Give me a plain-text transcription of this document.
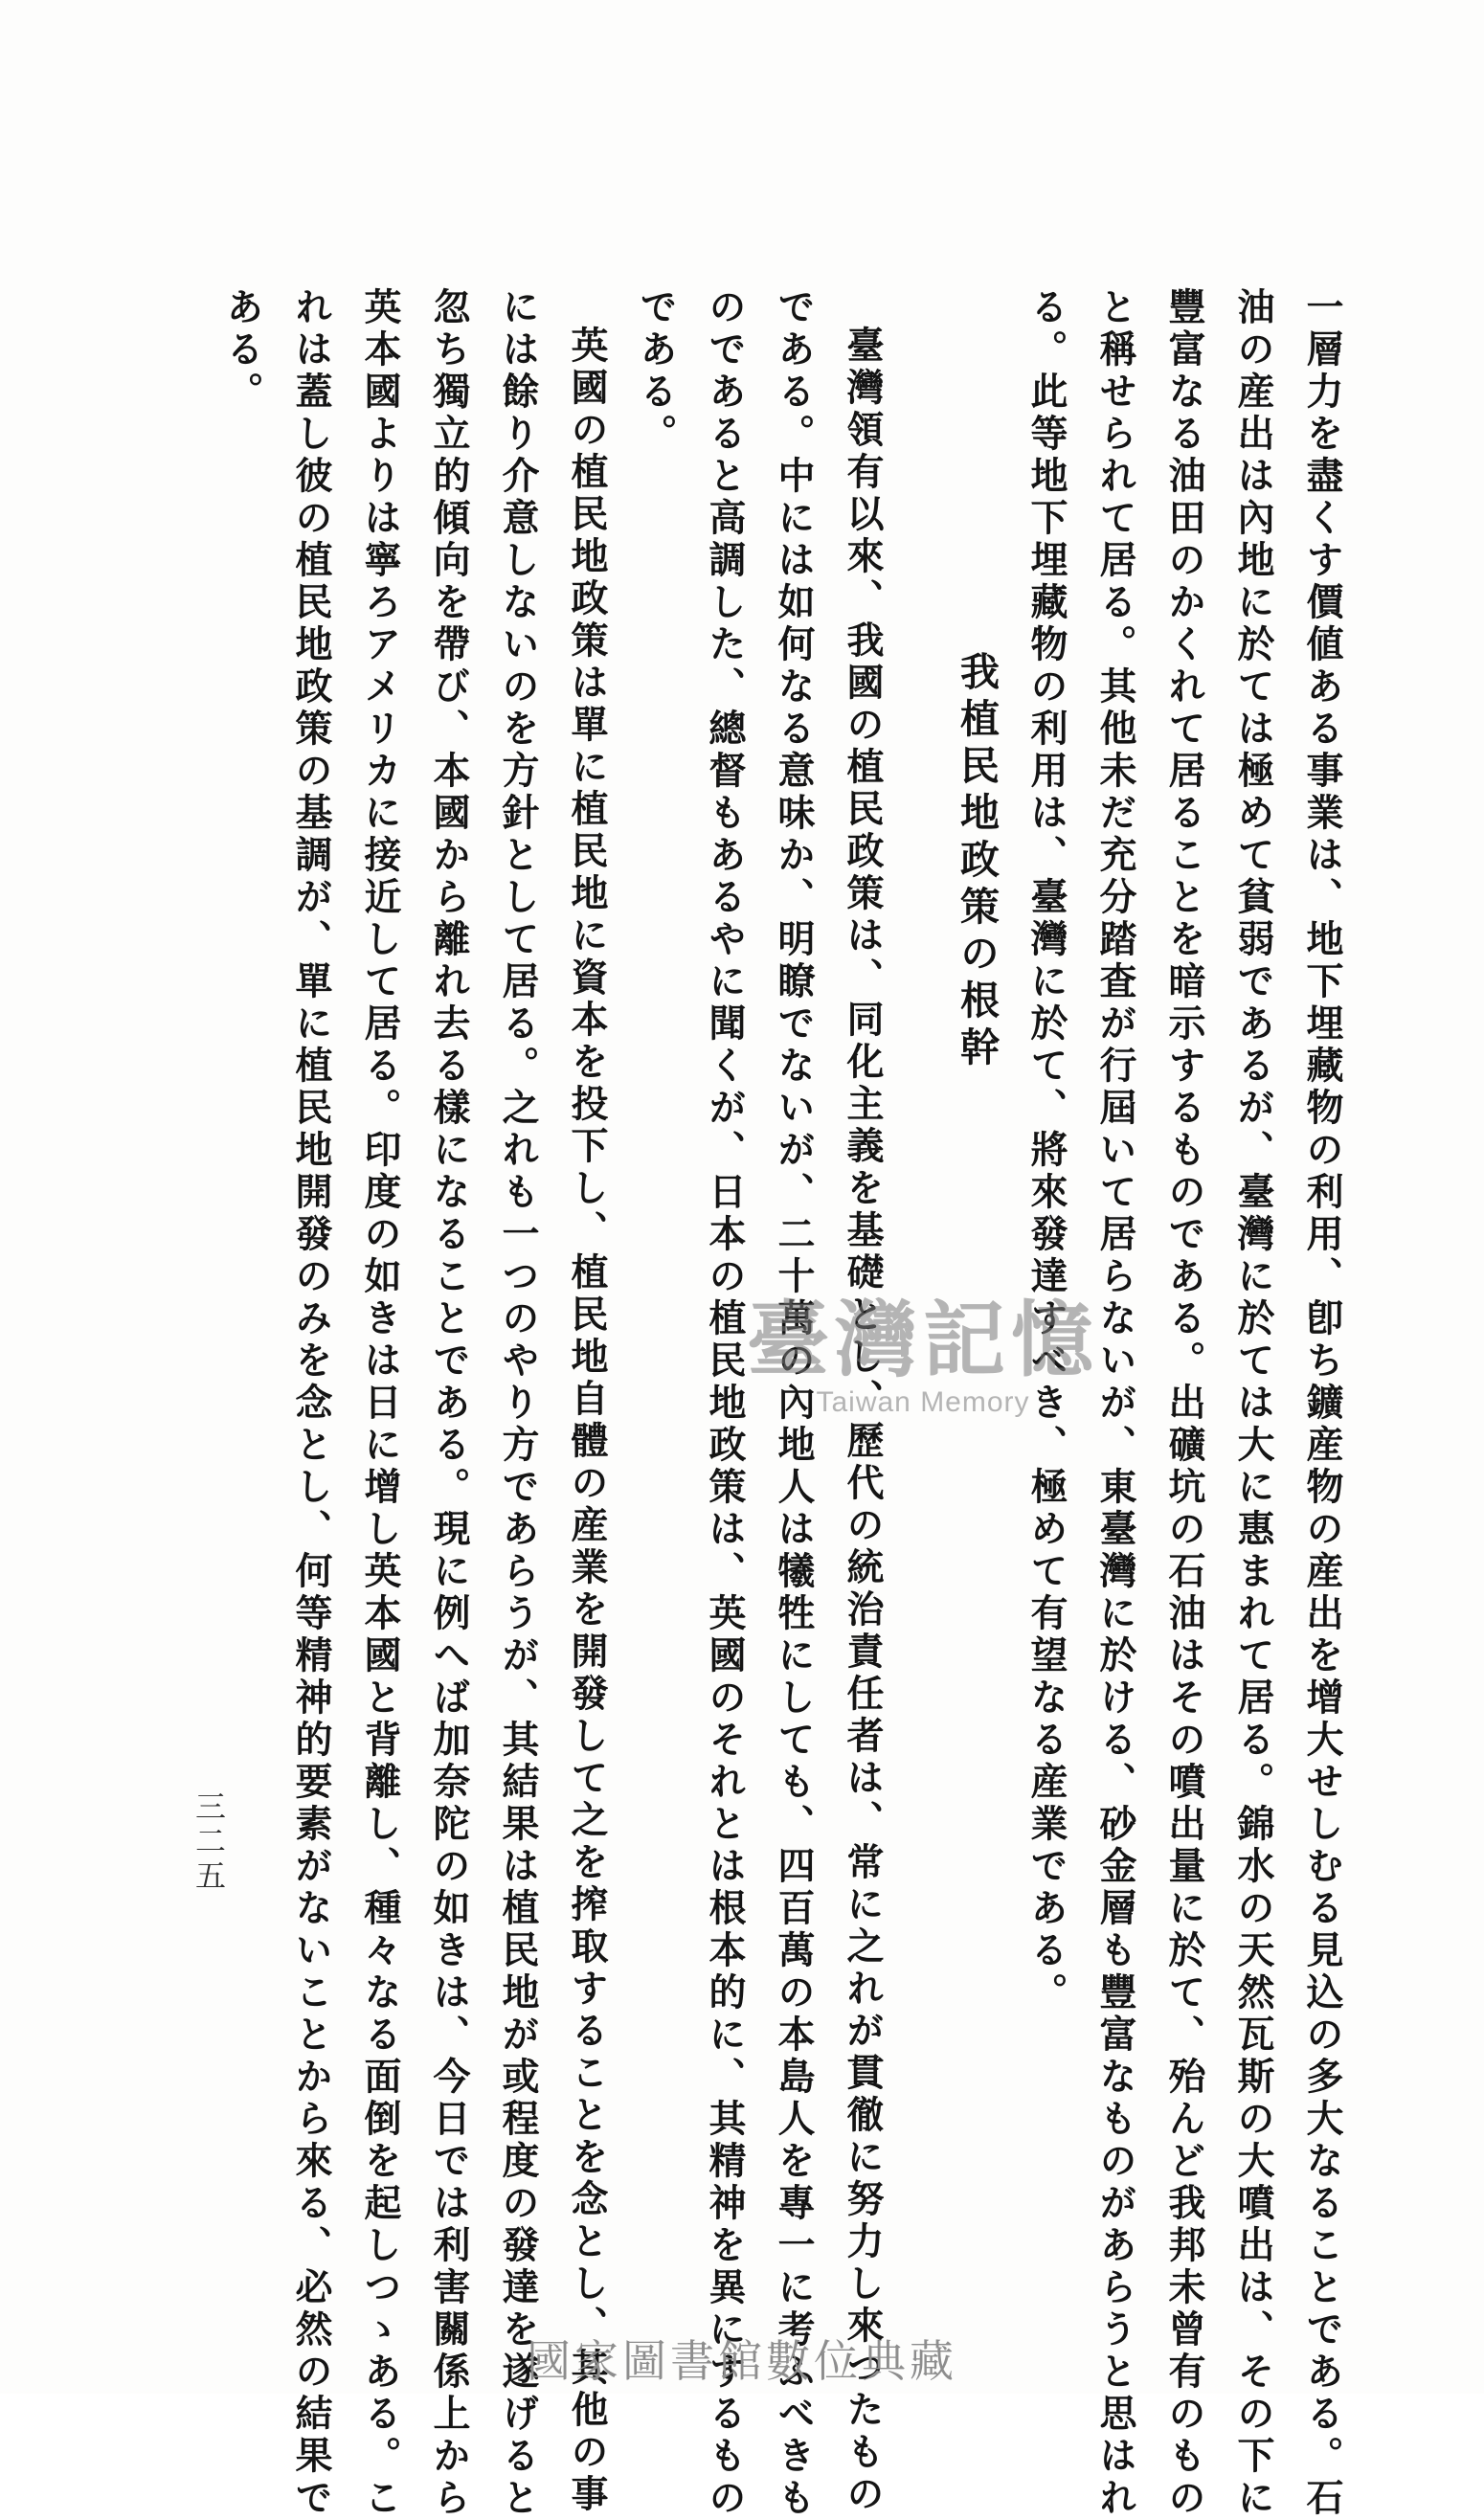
一層力を盡くす價値ある事業は、地下埋藏物の利用、卽ち鑛産物の産出を增大せしむる見込の多大なることである。石
油の産出は內地に於ては極めて貧弱であるが、臺灣に於ては大に惠まれて居る。錦水の天然瓦斯の大噴出は、その下に
豐富なる油田のかくれて居ることを暗示するものである。出礦坑の石油はその噴出量に於て、殆んど我邦未曾有のもの
と稱せられて居る。其他未だ充分踏査が行屆いて居らないが、東臺灣に於ける、砂金層も豐富なものがあらうと思はれ
る。此等地下埋藏物の利用は、臺灣に於て、將來發達すべき、極めて有望なる産業である。
我植民地政策の根幹
臺灣領有以來、我國の植民政策は、同化主義を基礎とし、歷代の統治責任者は、常に之れが貫徹に努力し來つたもの
である。中には如何なる意味か、明瞭でないが、二十萬の內地人は犧牲にしても、四百萬の本島人を專一に考ふべきも
のであると高調した、總督もあるやに聞くが、日本の植民地政策は、英國のそれとは根本的に、其精神を異にするもの
である。
英國の植民地政策は單に植民地に資本を投下し、植民地自體の産業を開發して之を搾取することを念とし、其他の事
には餘り介意しないのを方針として居る。之れも一つのやり方であらうが、其結果は植民地が或程度の發達を遂げると
忽ち獨立的傾向を帶び、本國から離れ去る樣になることである。現に例へば加奈陀の如きは、今日では利害關係上から
英本國よりは寧ろアメリカに接近して居る。印度の如きは日に增し英本國と背離し、種々なる面倒を起しつゝある。こ
れは蓋し彼の植民地政策の基調が、單に植民地開發のみを念とし、何等精神的要素がないことから來る、必然の結果で
ある。
三二五
臺灣記憶
Taiwan Memory
國家圖書館數位典藏
